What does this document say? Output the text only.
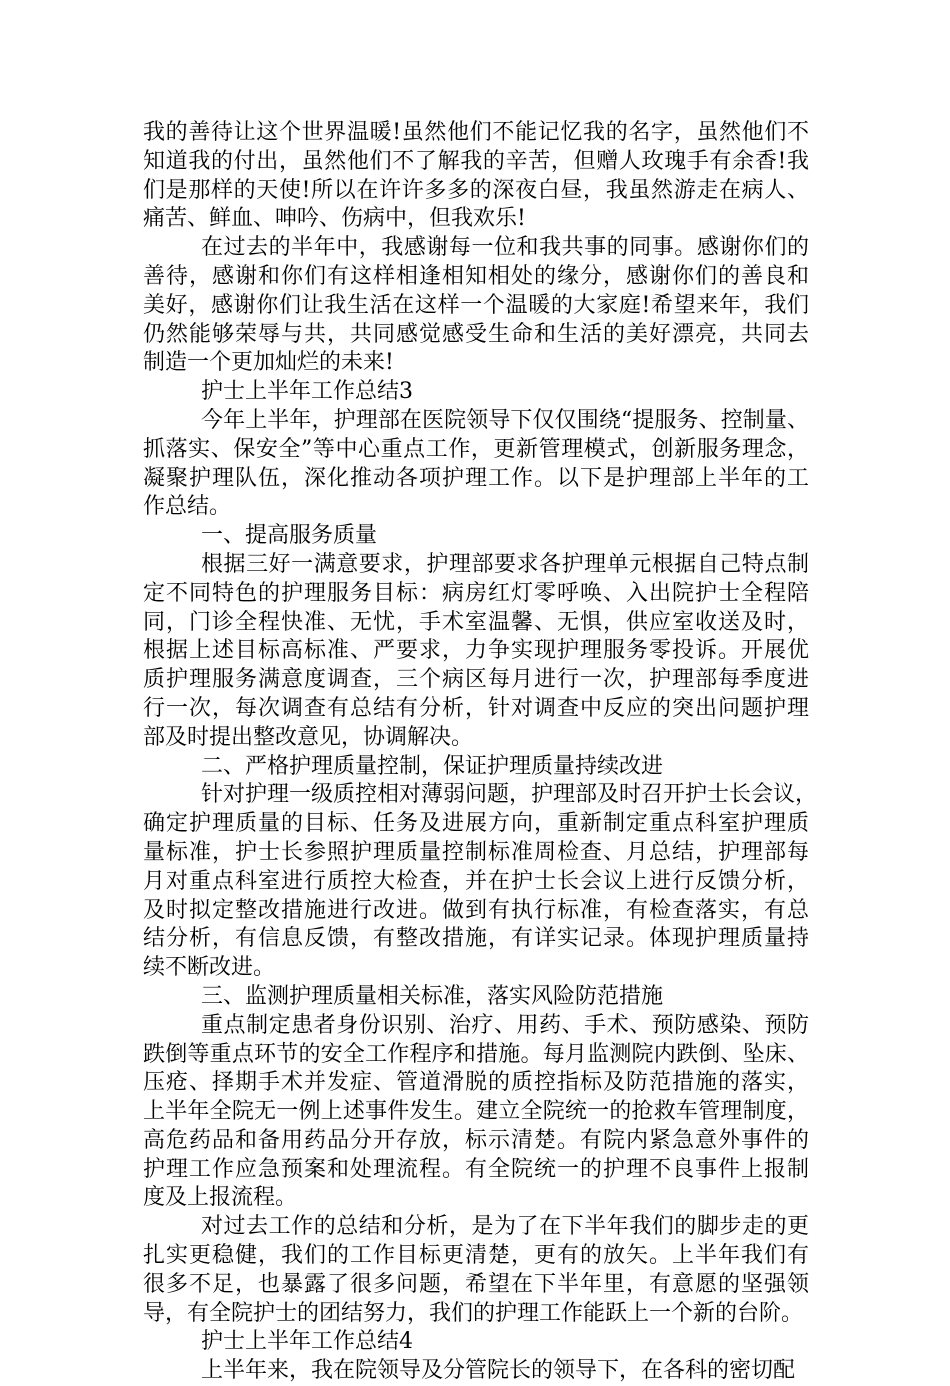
我的善待让这个世界温暖!虽然他们不能记忆我的名字，虽然他们不
知道我的付出，虽然他们不了解我的辛苦，但赠人玫瑰手有余香!我
们是那样的天使!所以在许许多多的深夜白昼，我虽然游走在病人、
痛苦、鲜血、呻吟、伤病中，但我欢乐!
在过去的半年中，我感谢每一位和我共事的同事。感谢你们的
善待，感谢和你们有这样相逢相知相处的缘分，感谢你们的善良和
美好，感谢你们让我生活在这样一个温暖的大家庭!希望来年，我们
仍然能够荣辱与共，共同感觉感受生命和生活的美好漂亮，共同去
制造一个更加灿烂的未来!
护士上半年工作总结3
今年上半年，护理部在医院领导下仅仅围绕“提服务、控制量、
抓落实、保安全”等中心重点工作，更新管理模式，创新服务理念，
凝聚护理队伍，深化推动各项护理工作。以下是护理部上半年的工
作总结。
一、提高服务质量
根据三好一满意要求，护理部要求各护理单元根据自己特点制
定不同特色的护理服务目标：病房红灯零呼唤、入出院护士全程陪
同，门诊全程快准、无忧，手术室温馨、无惧，供应室收送及时，
根据上述目标高标准、严要求，力争实现护理服务零投诉。开展优
质护理服务满意度调查，三个病区每月进行一次，护理部每季度进
行一次，每次调查有总结有分析，针对调查中反应的突出问题护理
部及时提出整改意见，协调解决。
二、严格护理质量控制，保证护理质量持续改进
针对护理一级质控相对薄弱问题，护理部及时召开护士长会议，
确定护理质量的目标、任务及进展方向，重新制定重点科室护理质
量标准，护士长参照护理质量控制标准周检查、月总结，护理部每
月对重点科室进行质控大检查，并在护士长会议上进行反馈分析，
及时拟定整改措施进行改进。做到有执行标准，有检查落实，有总
结分析，有信息反馈，有整改措施，有详实记录。体现护理质量持
续不断改进。
三、监测护理质量相关标准，落实风险防范措施
重点制定患者身份识别、治疗、用药、手术、预防感染、预防
跌倒等重点环节的安全工作程序和措施。每月监测院内跌倒、坠床、
压疮、择期手术并发症、管道滑脱的质控指标及防范措施的落实，
上半年全院无一例上述事件发生。建立全院统一的抢救车管理制度，
高危药品和备用药品分开存放，标示清楚。有院内紧急意外事件的
护理工作应急预案和处理流程。有全院统一的护理不良事件上报制
度及上报流程。
对过去工作的总结和分析，是为了在下半年我们的脚步走的更
扎实更稳健，我们的工作目标更清楚，更有的放矢。上半年我们有
很多不足，也暴露了很多问题，希望在下半年里，有意愿的坚强领
导，有全院护士的团结努力，我们的护理工作能跃上一个新的台阶。
护士上半年工作总结4
上半年来，我在院领导及分管院长的领导下，在各科的密切配
